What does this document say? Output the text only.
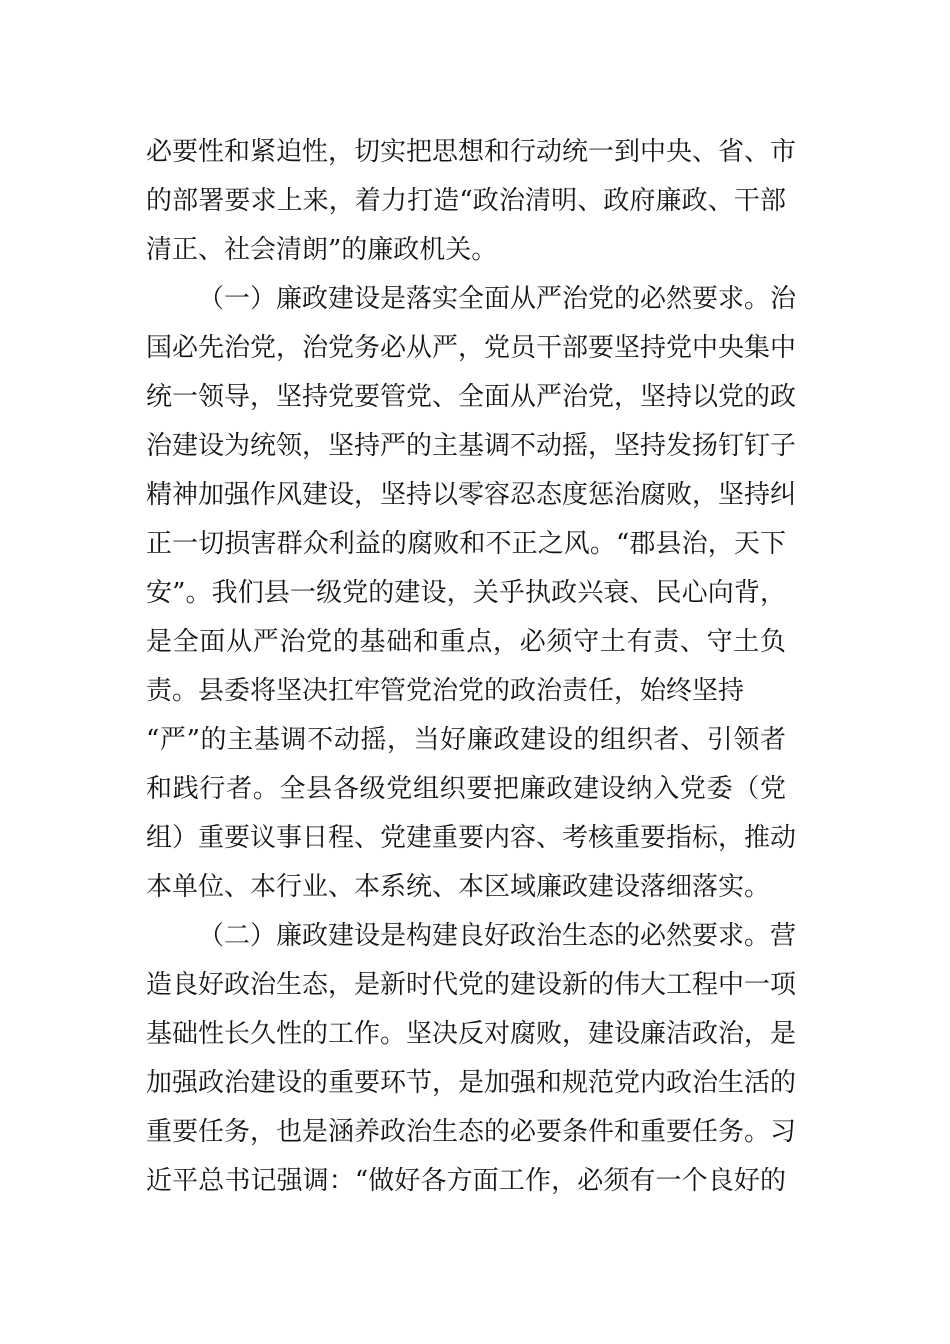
必要性和紧迫性，切实把思想和行动统一到中央、省、市
的部署要求上来，着力打造“政治清明、政府廉政、干部
清正、社会清朗”的廉政机关。
（一）廉政建设是落实全面从严治党的必然要求。治
国必先治党，治党务必从严，党员干部要坚持党中央集中
统一领导，坚持党要管党、全面从严治党，坚持以党的政
治建设为统领，坚持严的主基调不动摇，坚持发扬钉钉子
精神加强作风建设，坚持以零容忍态度惩治腐败，坚持纠
正一切损害群众利益的腐败和不正之风。“郡县治，天下
安”。我们县一级党的建设，关乎执政兴衰、民心向背，
是全面从严治党的基础和重点，必须守土有责、守土负
责。县委将坚决扛牢管党治党的政治责任，始终坚持
“严”的主基调不动摇，当好廉政建设的组织者、引领者
和践行者。全县各级党组织要把廉政建设纳入党委（党
组）重要议事日程、党建重要内容、考核重要指标，推动
本单位、本行业、本系统、本区域廉政建设落细落实。
（二）廉政建设是构建良好政治生态的必然要求。营
造良好政治生态，是新时代党的建设新的伟大工程中一项
基础性长久性的工作。坚决反对腐败，建设廉洁政治，是
加强政治建设的重要环节，是加强和规范党内政治生活的
重要任务，也是涵养政治生态的必要条件和重要任务。习
近平总书记强调：“做好各方面工作，必须有一个良好的
